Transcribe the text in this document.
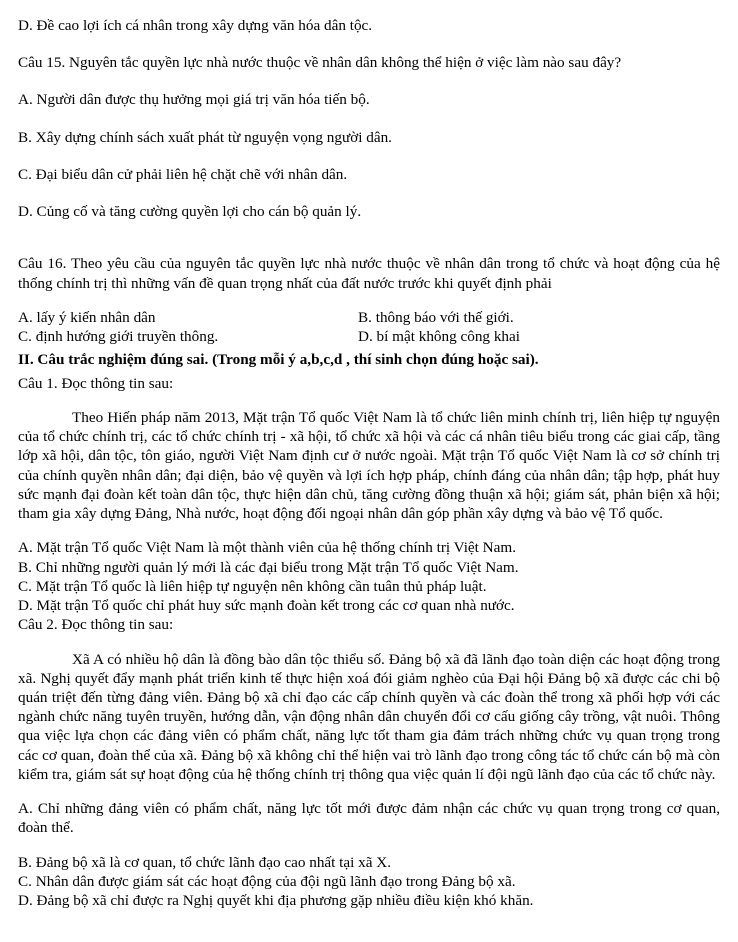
D. Đề cao lợi ích cá nhân trong xây dựng văn hóa dân tộc.

Câu 15. Nguyên tắc quyền lực nhà nước thuộc về nhân dân không thể hiện ở việc làm nào sau đây?

A. Người dân được thụ hưởng mọi giá trị văn hóa tiến bộ.

B. Xây dựng chính sách xuất phát từ nguyện vọng người dân.

C. Đại biểu dân cử phải liên hệ chặt chẽ với nhân dân.

D. Củng cố và tăng cường quyền lợi cho cán bộ quản lý.

Câu 16. Theo yêu cầu của nguyên tắc quyền lực nhà nước thuộc về nhân dân trong tổ chức và hoạt động của hệ thống chính trị thì những vấn đề quan trọng nhất của đất nước trước khi quyết định phải

A. lấy ý kiến nhân dân	B. thông báo với thế giới.
C. định hướng giới truyền thông.	D. bí mật không công khai
II. Câu trắc nghiệm đúng sai. (Trong mỗi ý a,b,c,d , thí sinh chọn đúng hoặc sai).

Câu 1. Đọc thông tin sau:

Theo Hiến pháp năm 2013, Mặt trận Tổ quốc Việt Nam là tổ chức liên minh chính trị, liên hiệp tự nguyện của tổ chức chính trị, các tổ chức chính trị - xã hội, tổ chức xã hội và các cá nhân tiêu biểu trong các giai cấp, tầng lớp xã hội, dân tộc, tôn giáo, người Việt Nam định cư ở nước ngoài. Mặt trận Tổ quốc Việt Nam là cơ sở chính trị của chính quyền nhân dân; đại diện, bảo vệ quyền và lợi ích hợp pháp, chính đáng của nhân dân; tập hợp, phát huy sức mạnh đại đoàn kết toàn dân tộc, thực hiện dân chủ, tăng cường đồng thuận xã hội; giám sát, phản biện xã hội; tham gia xây dựng Đảng, Nhà nước, hoạt động đối ngoại nhân dân góp phần xây dựng và bảo vệ Tổ quốc.

A. Mặt trận Tổ quốc Việt Nam là một thành viên của hệ thống chính trị Việt Nam.

B. Chỉ những người quản lý mới là các đại biểu trong Mặt trận Tổ quốc Việt Nam.

C. Mặt trận Tổ quốc là liên hiệp tự nguyện nên không cần tuân thủ pháp luật.

D. Mặt trận Tổ quốc chỉ phát huy sức mạnh đoàn kết trong các cơ quan nhà nước.

Câu 2. Đọc thông tin sau:

Xã A có nhiều hộ dân là đồng bào dân tộc thiểu số. Đảng bộ xã đã lãnh đạo toàn diện các hoạt động trong xã. Nghị quyết đẩy mạnh phát triển kinh tế thực hiện xoá đói giảm nghèo của Đại hội Đảng bộ xã được các chi bộ quán triệt đến từng đảng viên. Đảng bộ xã chỉ đạo các cấp chính quyền và các đoàn thể trong xã phối hợp với các ngành chức năng tuyên truyền, hướng dẫn, vận động nhân dân chuyển đổi cơ cấu giống cây trồng, vật nuôi. Thông qua việc lựa chọn các đảng viên có phẩm chất, năng lực tốt tham gia đảm trách những chức vụ quan trọng trong các cơ quan, đoàn thể của xã. Đảng bộ xã không chỉ thể hiện vai trò lãnh đạo trong công tác tổ chức cán bộ mà còn kiểm tra, giám sát sự hoạt động của hệ thống chính trị thông qua việc quản lí đội ngũ lãnh đạo của các tổ chức này.

A. Chỉ những đảng viên có phẩm chất, năng lực tốt mới được đảm nhận các chức vụ quan trọng trong cơ quan, đoàn thể.

B. Đảng bộ xã là cơ quan, tổ chức lãnh đạo cao nhất tại xã X.

C. Nhân dân được giám sát các hoạt động của đội ngũ lãnh đạo trong Đảng bộ xã.

D. Đảng bộ xã chỉ được ra Nghị quyết khi địa phương gặp nhiều điều kiện khó khăn.
